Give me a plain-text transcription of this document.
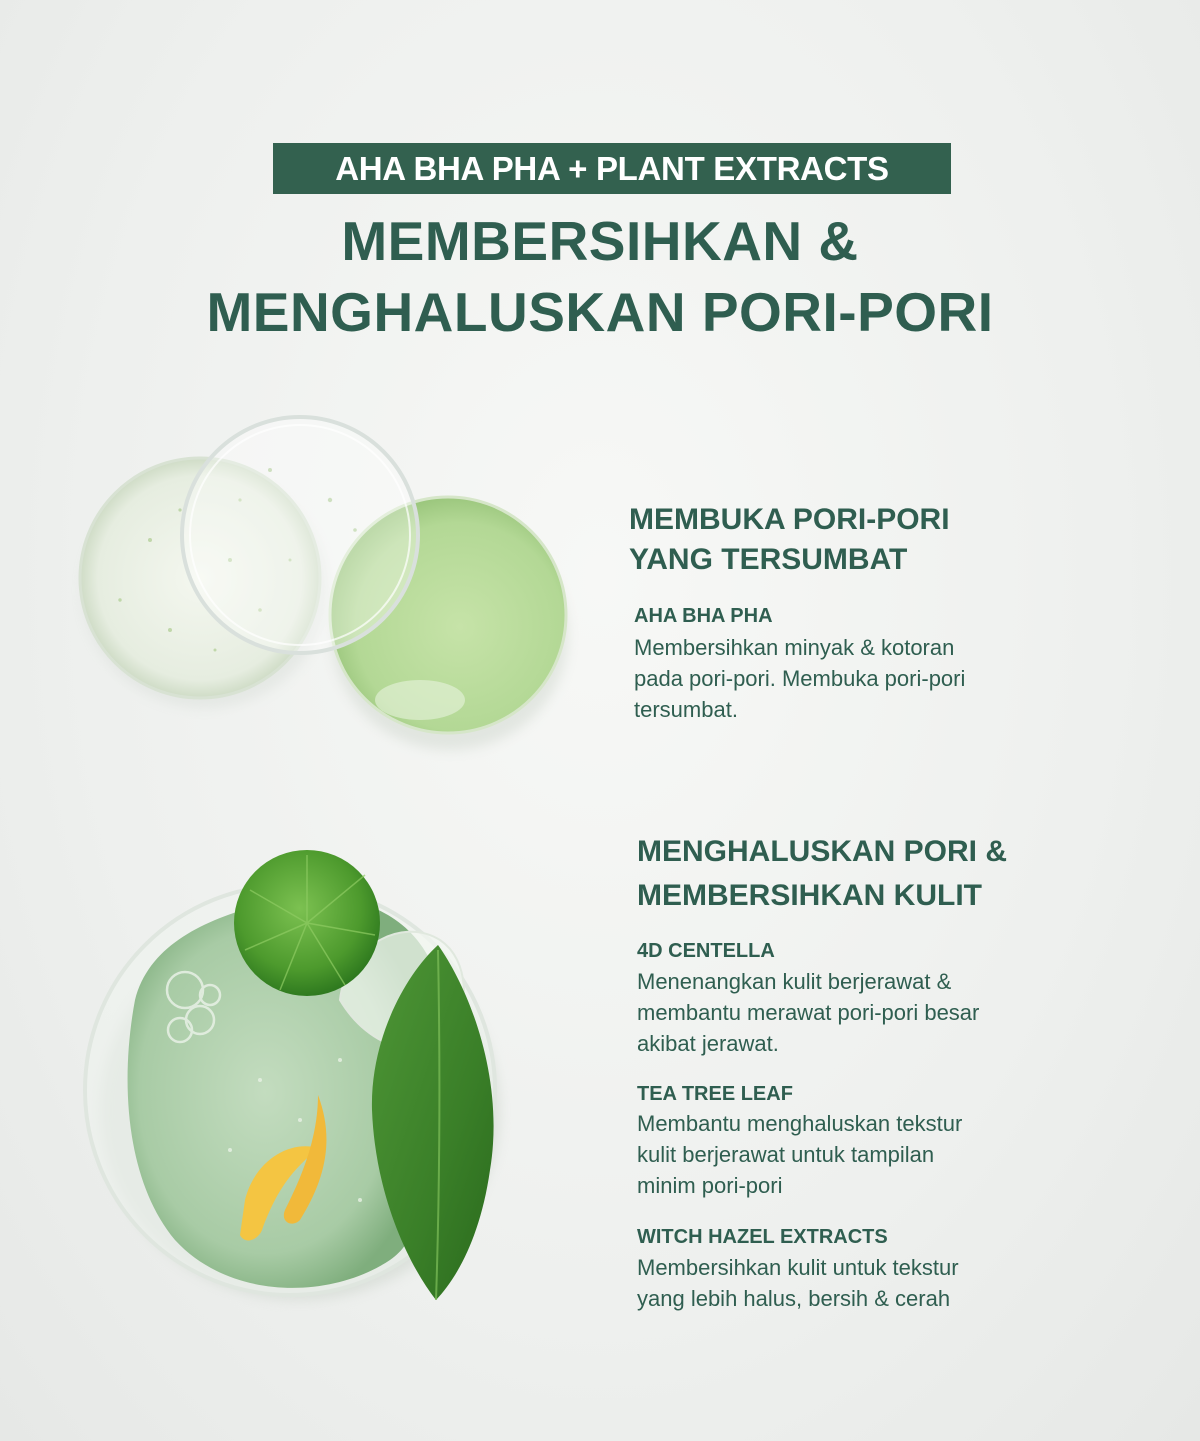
AHA BHA PHA + PLANT EXTRACTS
MEMBERSIHKAN &
MENGHALUSKAN PORI-PORI
MEMBUKA PORI-PORI
YANG TERSUMBAT
AHA BHA PHA
Membersihkan minyak & kotoran
pada pori-pori. Membuka pori-pori
tersumbat.
MENGHALUSKAN PORI &
MEMBERSIHKAN KULIT
4D CENTELLA
Menenangkan kulit berjerawat &
membantu merawat pori-pori besar
akibat jerawat.
TEA TREE LEAF
Membantu menghaluskan tekstur
kulit berjerawat untuk tampilan
minim pori-pori
WITCH HAZEL EXTRACTS
Membersihkan kulit untuk tekstur
yang lebih halus, bersih & cerah
